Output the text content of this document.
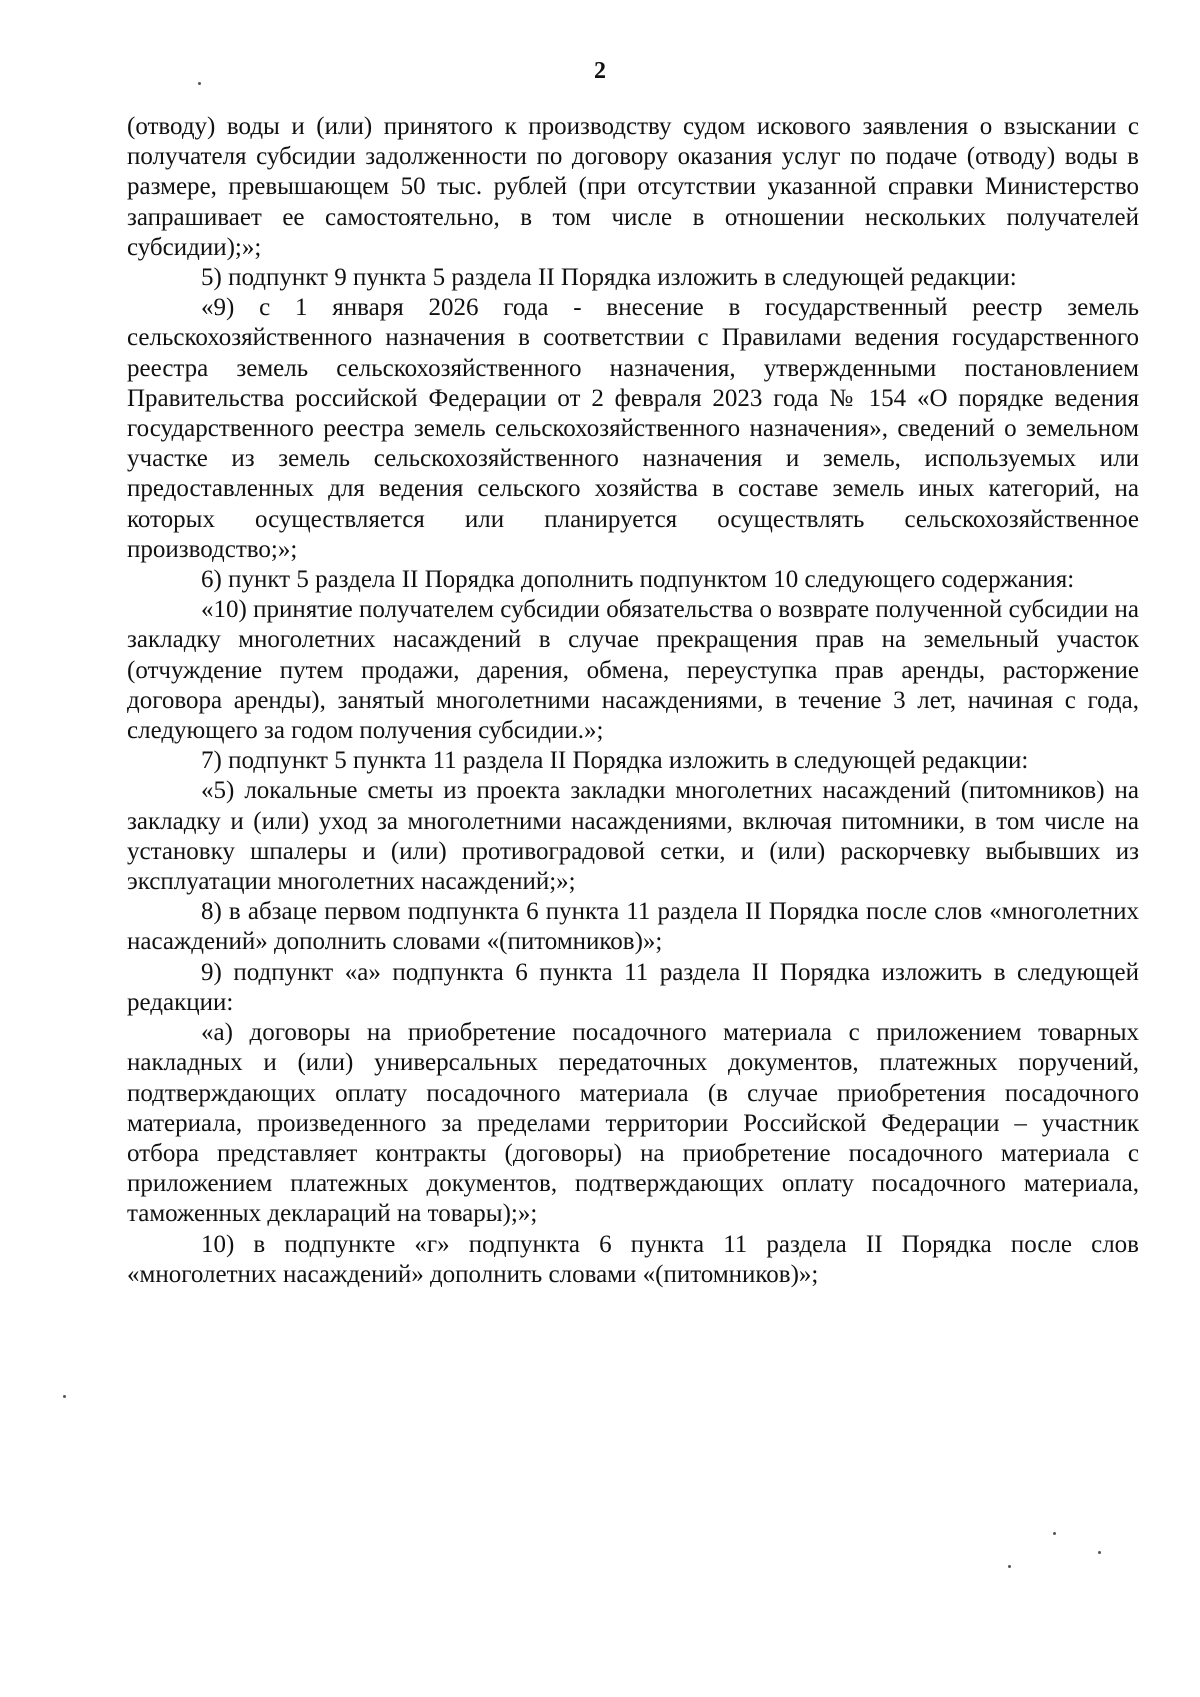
2

(отводу) воды и (или) принятого к производству судом искового заявления о взыскании с получателя субсидии задолженности по договору оказания услуг по подаче (отводу) воды в размере, превышающем 50 тыс. рублей (при отсутствии указанной справки Министерство запрашивает ее самостоятельно, в том числе в отношении нескольких получателей субсидии);»;

5) подпункт 9 пункта 5 раздела II Порядка изложить в следующей редакции:

«9) с 1 января 2026 года - внесение в государственный реестр земель сельскохозяйственного назначения в соответствии с Правилами ведения государственного реестра земель сельскохозяйственного назначения, утвержденными постановлением Правительства российской Федерации от 2 февраля 2023 года № 154 «О порядке ведения государственного реестра земель сельскохозяйственного назначения», сведений о земельном участке из земель сельскохозяйственного назначения и земель, используемых или предоставленных для ведения сельского хозяйства в составе земель иных категорий, на которых осуществляется или планируется осуществлять сельскохозяйственное производство;»;

6) пункт 5 раздела II Порядка дополнить подпунктом 10 следующего содержания:

«10) принятие получателем субсидии обязательства о возврате полученной субсидии на закладку многолетних насаждений в случае прекращения прав на земельный участок (отчуждение путем продажи, дарения, обмена, переуступка прав аренды, расторжение договора аренды), занятый многолетними насаждениями, в течение 3 лет, начиная с года, следующего за годом получения субсидии.»;

7) подпункт 5 пункта 11 раздела II Порядка изложить в следующей редакции:

«5) локальные сметы из проекта закладки многолетних насаждений (питомников) на закладку и (или) уход за многолетними насаждениями, включая питомники, в том числе на установку шпалеры и (или) противоградовой сетки, и (или) раскорчевку выбывших из эксплуатации многолетних насаждений;»;

8) в абзаце первом подпункта 6 пункта 11 раздела II Порядка после слов «многолетних насаждений» дополнить словами «(питомников)»;

9) подпункт «а» подпункта 6 пункта 11 раздела II Порядка изложить в следующей редакции:

«а) договоры на приобретение посадочного материала с приложением товарных накладных и (или) универсальных передаточных документов, платежных поручений, подтверждающих оплату посадочного материала (в случае приобретения посадочного материала, произведенного за пределами территории Российской Федерации – участник отбора представляет контракты (договоры) на приобретение посадочного материала с приложением платежных документов, подтверждающих оплату посадочного материала, таможенных деклараций на товары);»;

10) в подпункте «г» подпункта 6 пункта 11 раздела II Порядка после слов «многолетних насаждений» дополнить словами «(питомников)»;
